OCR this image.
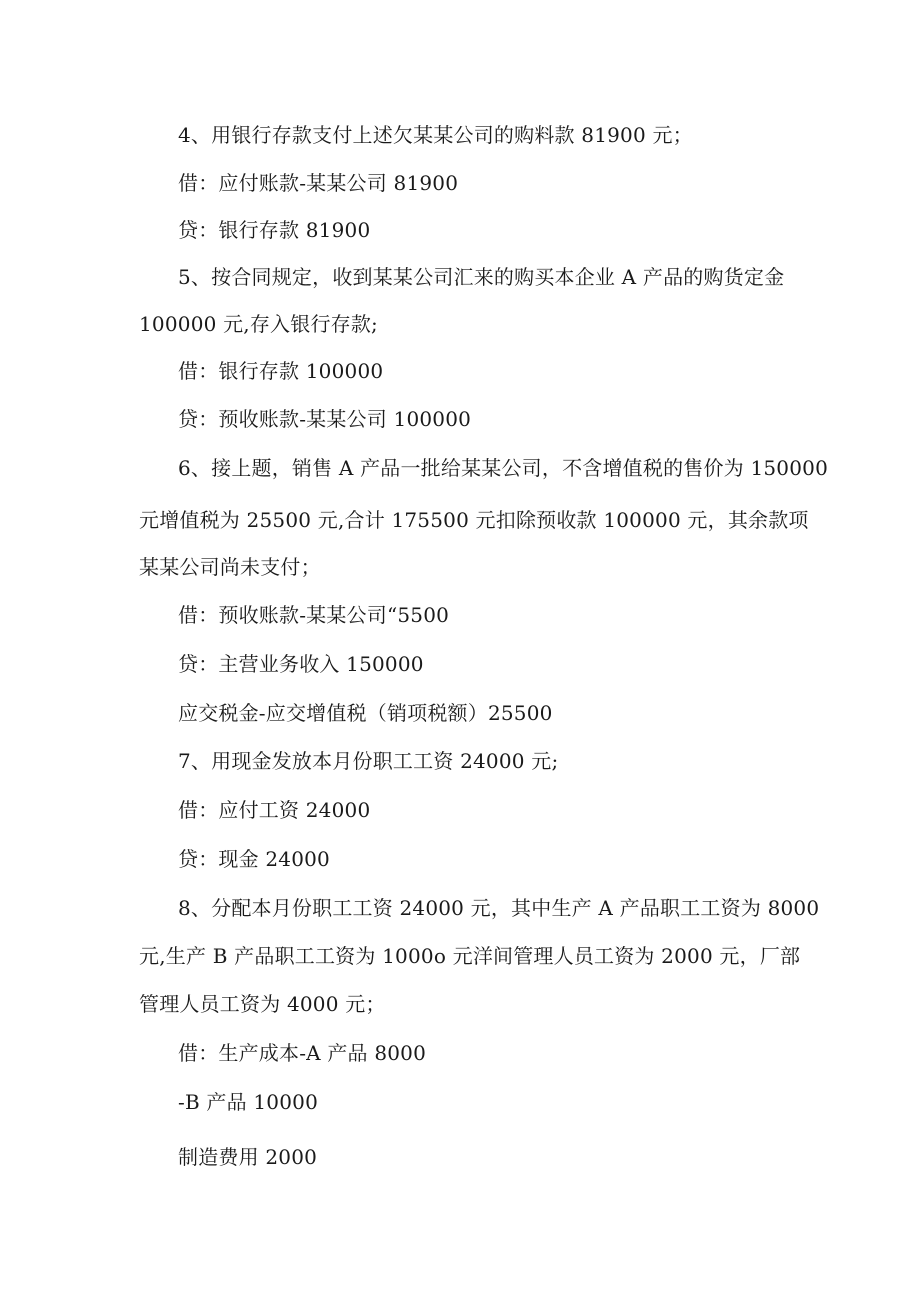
4、用银行存款支付上述欠某某公司的购料款 81900 元；
借：应付账款-某某公司 81900
贷：银行存款 81900
5、按合同规定，收到某某公司汇来的购买本企业 A 产品的购货定金
100000 元,存入银行存款;
借：银行存款 100000
贷：预收账款-某某公司 100000
6、接上题，销售 A 产品一批给某某公司，不含增值税的售价为 150000
元增值税为 25500 元,合计 175500 元扣除预收款 100000 元，其余款项
某某公司尚未支付；
借：预收账款-某某公司“5500
贷：主营业务收入 150000
应交税金-应交增值税（销项税额）25500
7、用现金发放本月份职工工资 24000 元;
借：应付工资 24000
贷：现金 24000
8、分配本月份职工工资 24000 元，其中生产 A 产品职工工资为 8000
元,生产 B 产品职工工资为 1000o 元洋间管理人员工资为 2000 元，厂部
管理人员工资为 4000 元；
借：生产成本-A 产品 8000
-B 产品 10000
制造费用 2000
